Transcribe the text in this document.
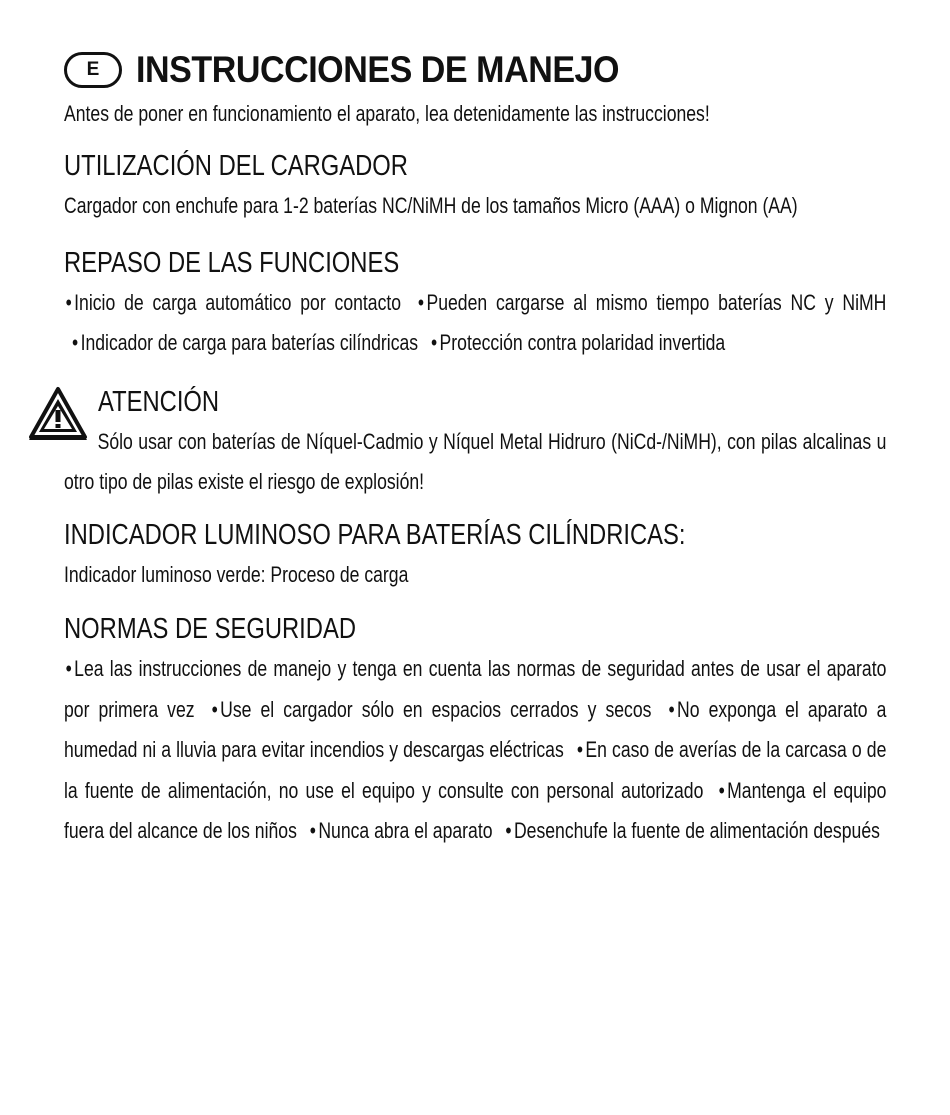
E INSTRUCCIONES DE MANEJO
Antes de poner en funcionamiento el aparato, lea detenidamente las instrucciones!
UTILIZACIÓN DEL CARGADOR
Cargador con enchufe para 1-2 baterías NC/NiMH de los tamaños Micro (AAA) o Mignon (AA)
REPASO DE LAS FUNCIONES
• Inicio de carga automático por contacto • Pueden cargarse al mismo tiempo baterías NC y NiMH • Indicador de carga para baterías cilíndricas • Protección contra polaridad invertida
ATENCIÓN
Sólo usar con baterías de Níquel-Cadmio y Níquel Metal Hidruro (NiCd-/NiMH), con pilas alcalinas u otro tipo de pilas existe el riesgo de explosión!
INDICADOR LUMINOSO PARA BATERÍAS CILÍNDRICAS:
Indicador luminoso verde: Proceso de carga
NORMAS DE SEGURIDAD
• Lea las instrucciones de manejo y tenga en cuenta las normas de seguridad antes de usar el aparato por primera vez • Use el cargador sólo en espacios cerrados y secos • No exponga el aparato a humedad ni a lluvia para evitar incendios y descargas eléctricas • En caso de averías de la carcasa o de la fuente de alimentación, no use el equipo y consulte con personal autorizado • Mantenga el equipo fuera del alcance de los niños • Nunca abra el aparato • Desenchufe la fuente de alimentación después
